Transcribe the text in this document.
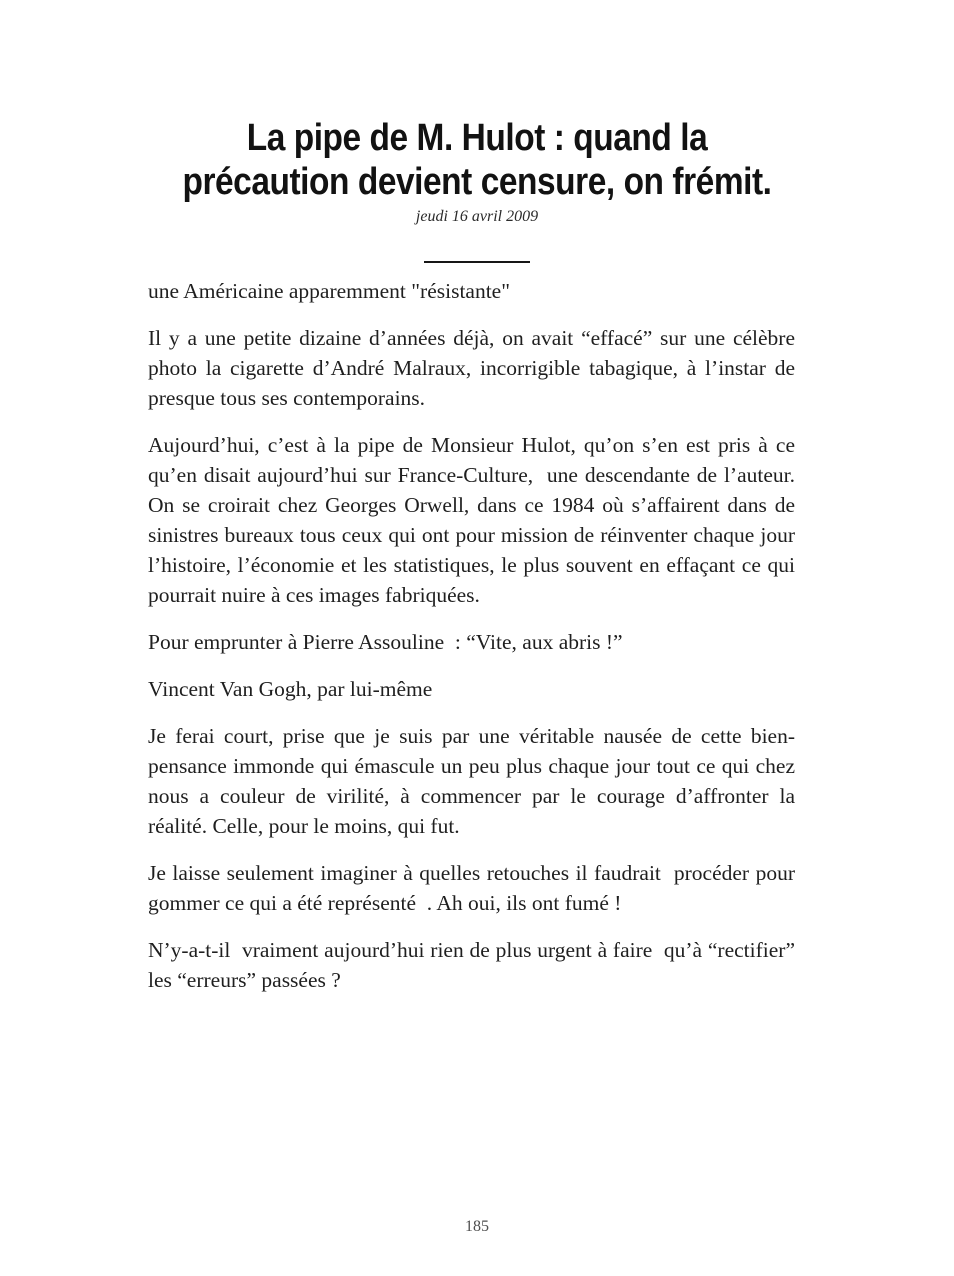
La pipe de M. Hulot : quand la
précaution devient censure, on frémit.
jeudi 16 avril 2009

une Américaine apparemment "résistante"

Il y a une petite dizaine d’années déjà, on avait “effacé” sur une célèbre photo la cigarette d’André Malraux, incorrigible tabagique, à l’instar de presque tous ses contemporains.

Aujourd’hui, c’est à la pipe de Monsieur Hulot, qu’on s’en est pris à ce qu’en disait aujourd’hui sur France-Culture,  une descendante de l’auteur. On se croirait chez Georges Orwell, dans ce 1984 où s’affairent dans de sinistres bureaux tous ceux qui ont pour mission de réinventer chaque jour l’histoire, l’économie et les statistiques, le plus souvent en effaçant ce qui pourrait nuire à ces images fabriquées.

Pour emprunter à Pierre Assouline  : “Vite, aux abris !”

Vincent Van Gogh, par lui-même

Je ferai court, prise que je suis par une véritable nausée de cette bien-pensance immonde qui émascule un peu plus chaque jour tout ce qui chez nous a couleur de virilité, à commencer par le courage d’affronter la réalité. Celle, pour le moins, qui fut.

Je laisse seulement imaginer à quelles retouches il faudrait  procéder pour gommer ce qui a été représenté  . Ah oui, ils ont fumé !

N’y-a-t-il  vraiment aujourd’hui rien de plus urgent à faire  qu’à “rectifier”  les “erreurs” passées ?

185
